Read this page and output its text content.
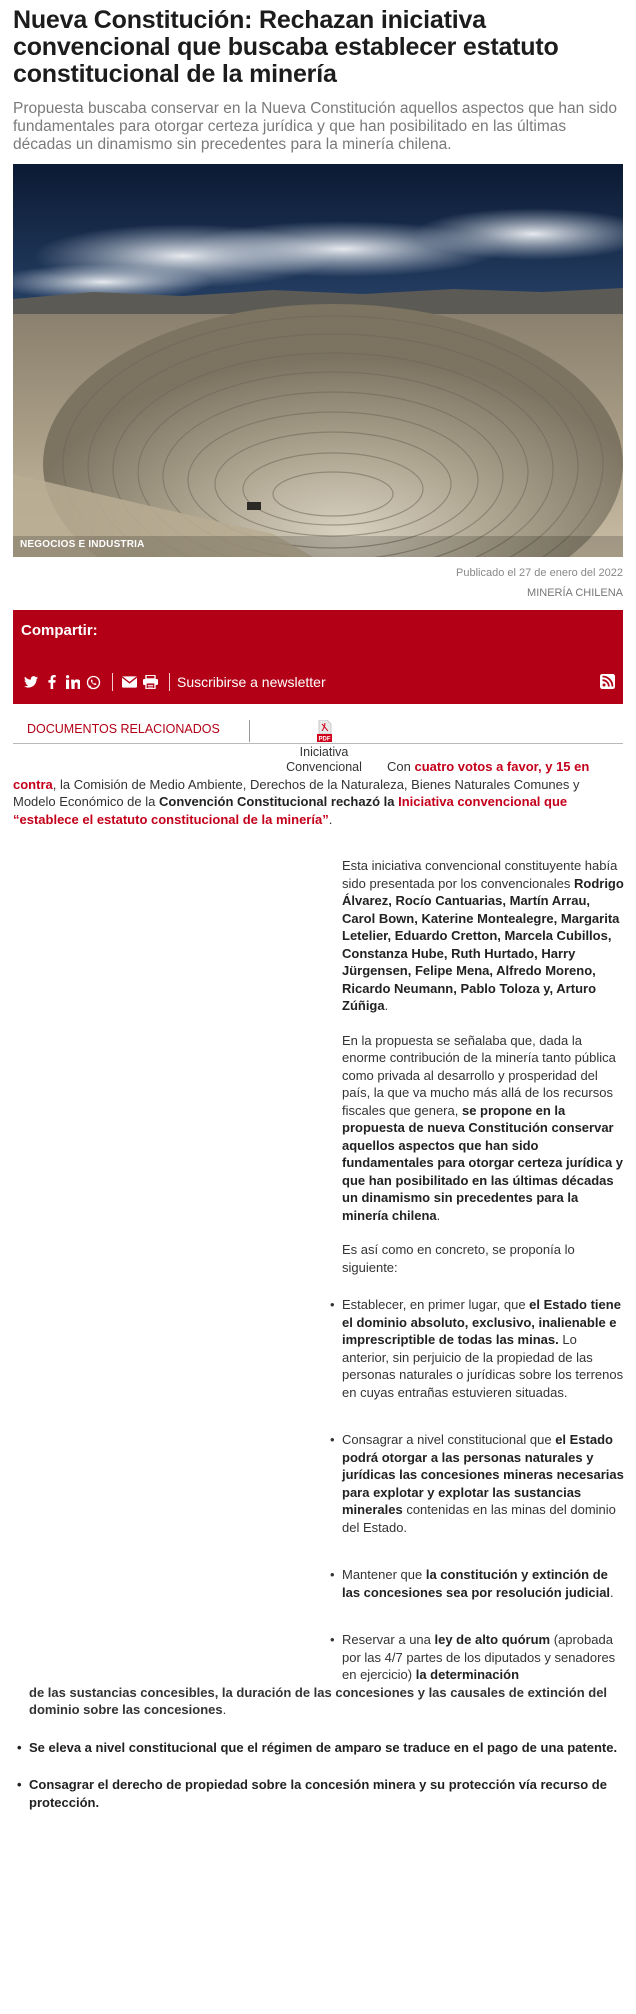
Nueva Constitución: Rechazan iniciativa convencional que buscaba establecer estatuto constitucional de la minería

Propuesta buscaba conservar en la Nueva Constitución aquellos aspectos que han sido fundamentales para otorgar certeza jurídica y que han posibilitado en las últimas décadas un dinamismo sin precedentes para la minería chilena.

NEGOCIOS E INDUSTRIA
Publicado el 27 de enero del 2022
MINERÍA CHILENA
Compartir:
Suscribirse a newsletter
DOCUMENTOS RELACIONADOS
PDF
Iniciativa Convencional	Con cuatro votos a favor, y 15 en contra, la Comisión de Medio Ambiente, Derechos de la Naturaleza, Bienes Naturales Comunes y Modelo Económico de la Convención Constitucional rechazó la Iniciativa convencional que “establece el estatuto constitucional de la minería”.

Esta iniciativa convencional constituyente había sido presentada por los convencionales Rodrigo Álvarez, Rocío Cantuarias, Martín Arrau, Carol Bown, Katerine Montealegre, Margarita Letelier, Eduardo Cretton, Marcela Cubillos, Constanza Hube, Ruth Hurtado, Harry Jürgensen, Felipe Mena, Alfredo Moreno, Ricardo Neumann, Pablo Toloza y, Arturo Zúñiga.

En la propuesta se señalaba que, dada la enorme contribución de la minería tanto pública como privada al desarrollo y prosperidad del país, la que va mucho más allá de los recursos fiscales que genera, se propone en la propuesta de nueva Constitución conservar aquellos aspectos que han sido fundamentales para otorgar certeza jurídica y que han posibilitado en las últimas décadas un dinamismo sin precedentes para la minería chilena.

Es así como en concreto, se proponía lo siguiente:

• Establecer, en primer lugar, que el Estado tiene el dominio absoluto, exclusivo, inalienable e imprescriptible de todas las minas. Lo anterior, sin perjuicio de la propiedad de las personas naturales o jurídicas sobre los terrenos en cuyas entrañas estuvieren situadas.
• Consagrar a nivel constitucional que el Estado podrá otorgar a las personas naturales y jurídicas las concesiones mineras necesarias para explotar y explotar las sustancias minerales contenidas en las minas del dominio del Estado.
• Mantener que la constitución y extinción de las concesiones sea por resolución judicial.
• Reservar a una ley de alto quórum (aprobada por las 4/7 partes de los diputados y senadores en ejercicio) la determinación
de las sustancias concesibles, la duración de las concesiones y las causales de extinción del dominio sobre las concesiones.
• Se eleva a nivel constitucional que el régimen de amparo se traduce en el pago de una patente.
• Consagrar el derecho de propiedad sobre la concesión minera y su protección vía recurso de protección.
